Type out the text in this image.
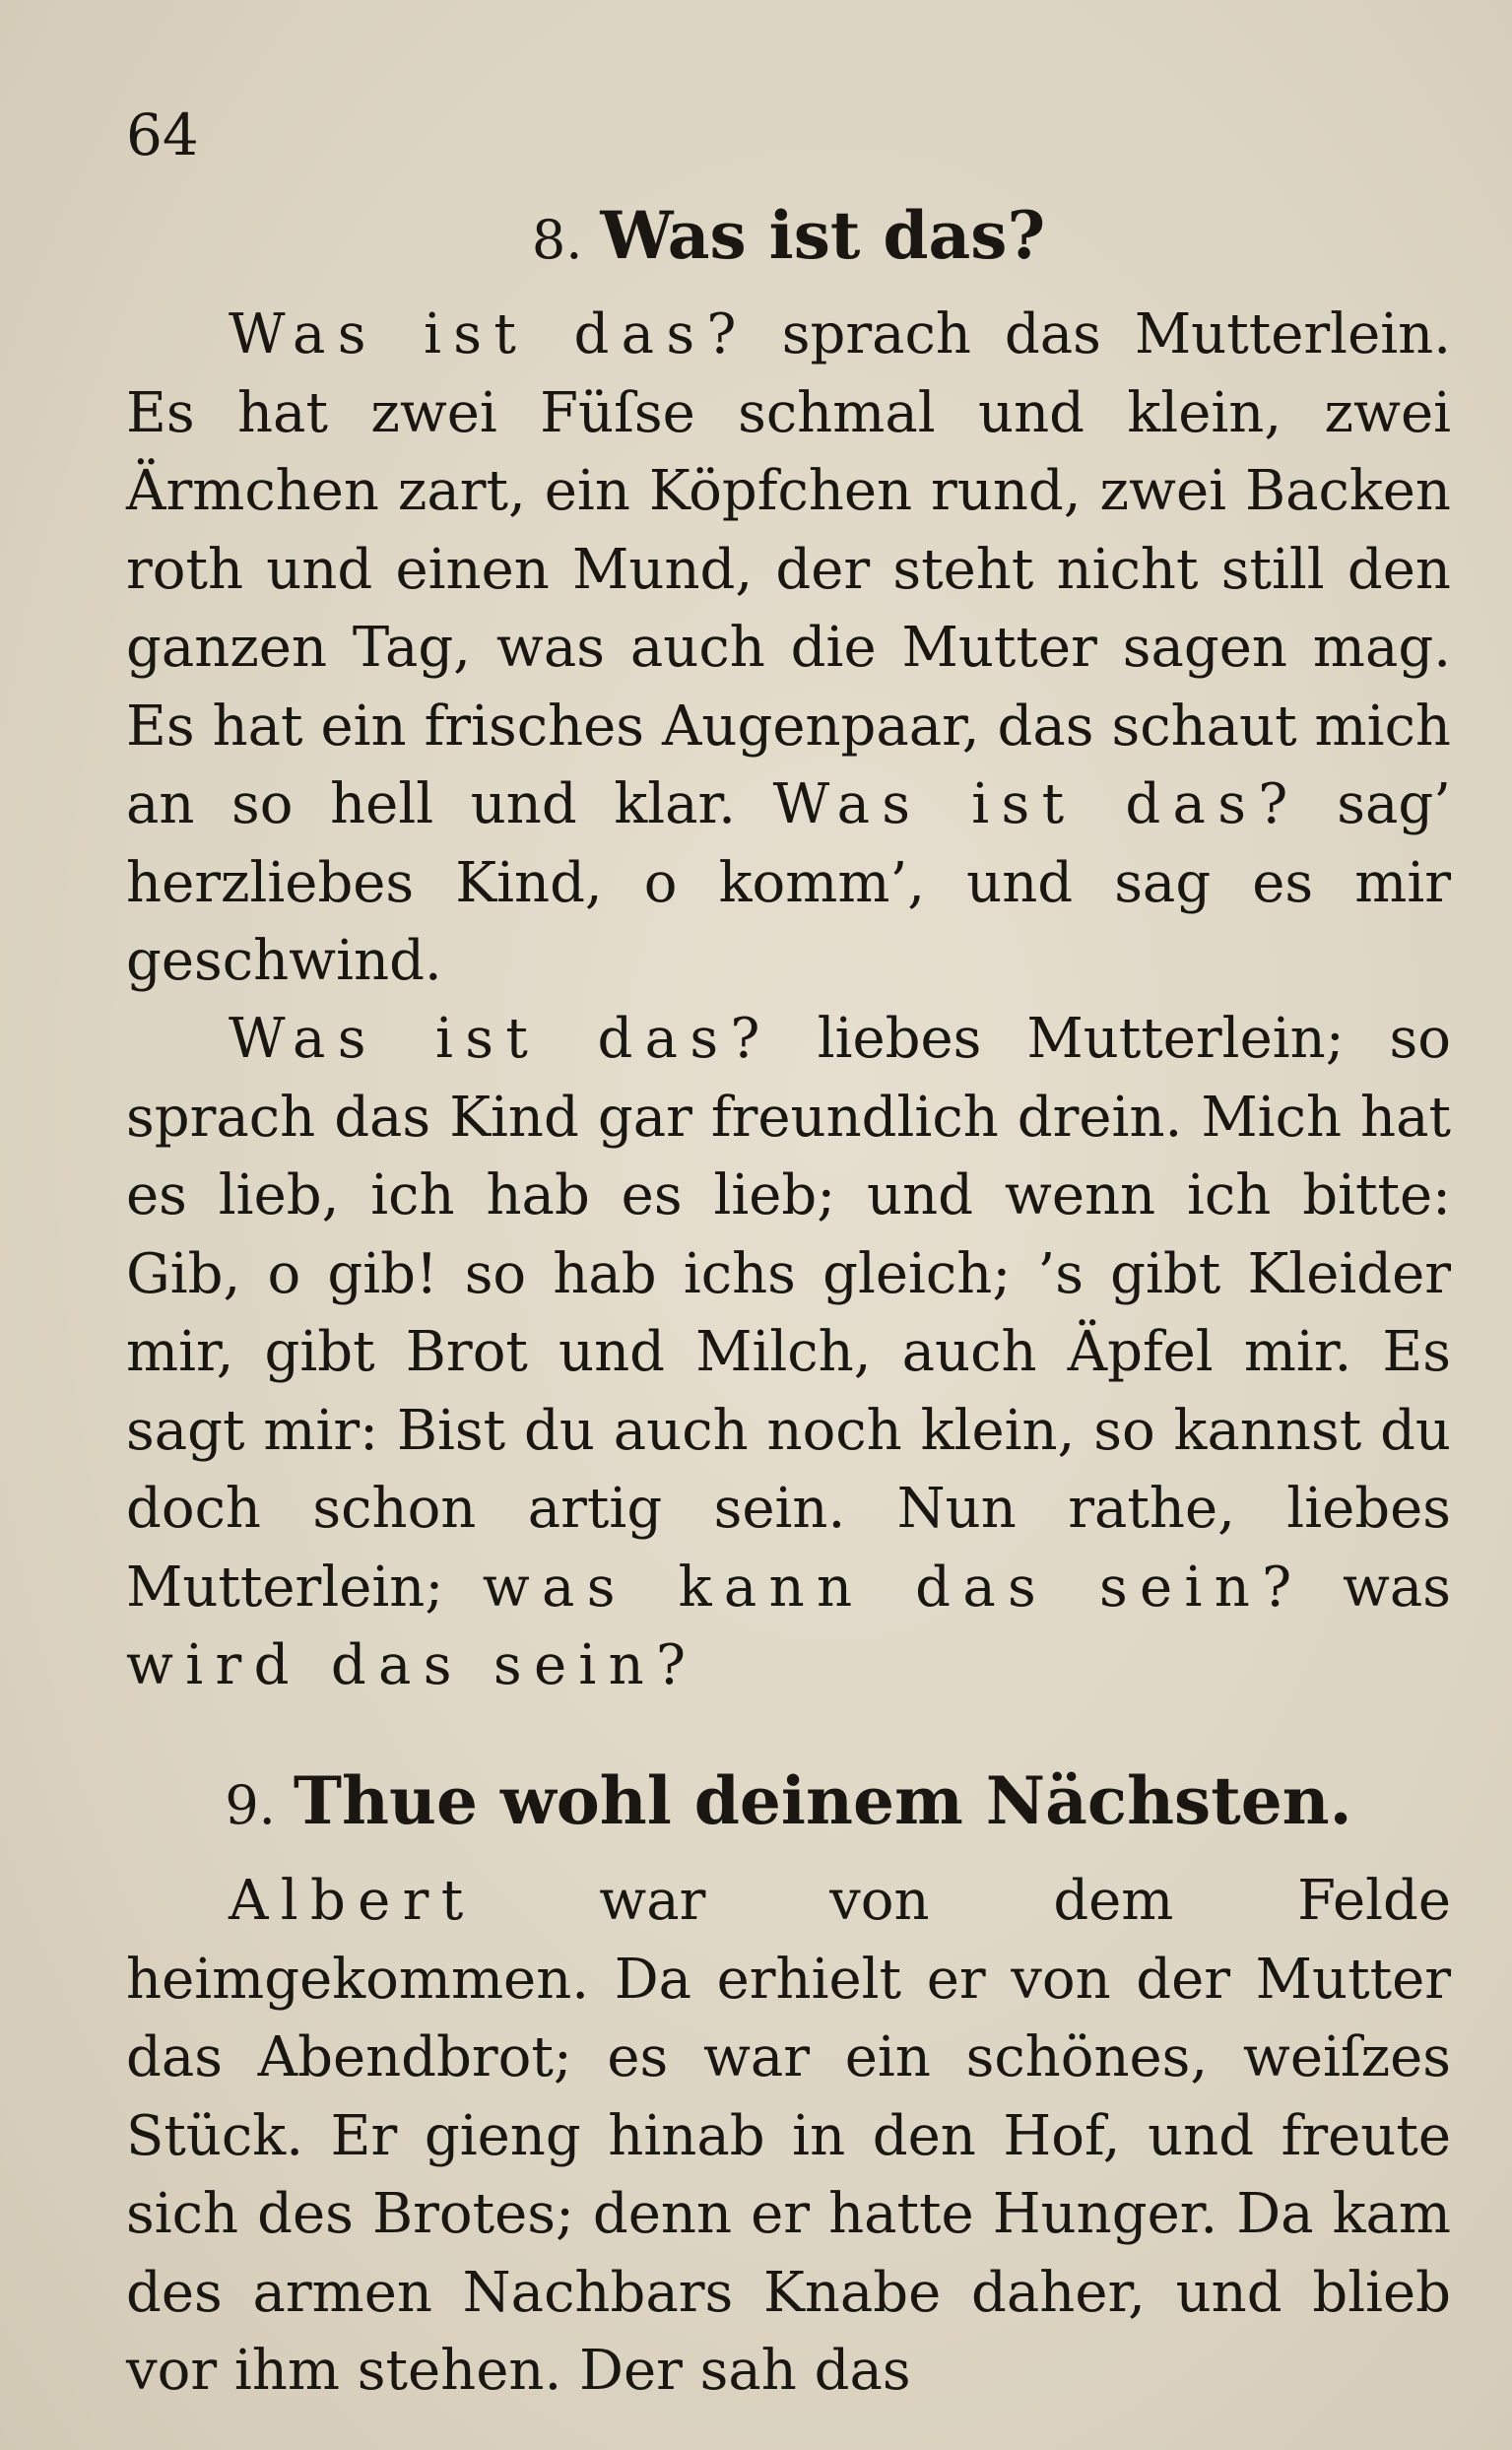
64
8. Was ist das?
Was ist das? sprach das Mutterlein. Es hat zwei Füſse schmal und klein, zwei Ärmchen zart, ein Köpfchen rund, zwei Backen roth und einen Mund, der steht nicht still den ganzen Tag, was auch die Mutter sagen mag. Es hat ein frisches Augenpaar, das schaut mich an so hell und klar. Was ist das? sag’ herzliebes Kind, o komm’, und sag es mir geschwind.
Was ist das? liebes Mutterlein; so sprach das Kind gar freundlich drein. Mich hat es lieb, ich hab es lieb; und wenn ich bitte: Gib, o gib! so hab ichs gleich; ’s gibt Kleider mir, gibt Brot und Milch, auch Äpfel mir. Es sagt mir: Bist du auch noch klein, so kannst du doch schon artig sein. Nun rathe, liebes Mutterlein; was kann das sein? was wird das sein?
9. Thue wohl deinem Nächsten.
Albert war von dem Felde heimgekommen. Da erhielt er von der Mutter das Abendbrot; es war ein schönes, weiſzes Stück. Er gieng hinab in den Hof, und freute sich des Brotes; denn er hatte Hunger. Da kam des armen Nachbars Knabe daher, und blieb vor ihm stehen. Der sah das
